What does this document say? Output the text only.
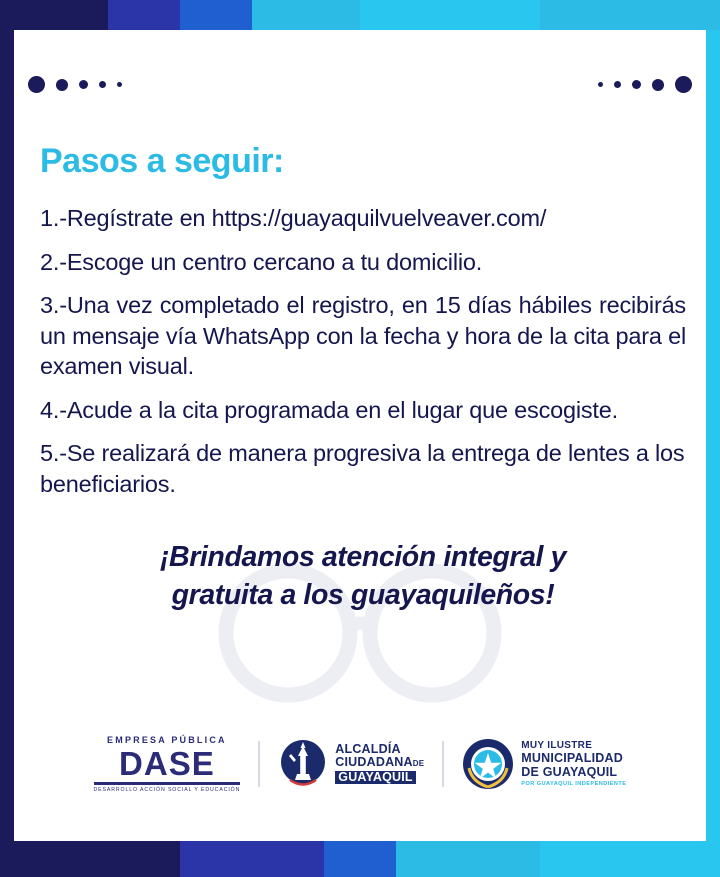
Pasos a seguir:

1.-Regístrate en https://guayaquilvuelveaver.com/

2.-Escoge un centro cercano a tu domicilio.

3.-Una vez completado el registro, en 15 días hábiles recibirás un mensaje vía WhatsApp con la fecha y hora de la cita para el examen visual.

4.-Acude a la cita programada en el lugar que escogiste.

5.-Se realizará de manera progresiva la entrega de lentes a los beneficiarios.

¡Brindamos atención integral y
gratuita a los guayaquileños!
EMPRESA PÚBLICA
D ASE
DESARROLLO ACCIÓN SOCIAL Y EDUCACIÓN
ALCALDÍA
CIUDADANADE
GUAYAQUIL
MUY ILUSTRE
MUNICIPALIDAD
DE GUAYAQUIL
POR GUAYAQUIL INDEPENDIENTE
